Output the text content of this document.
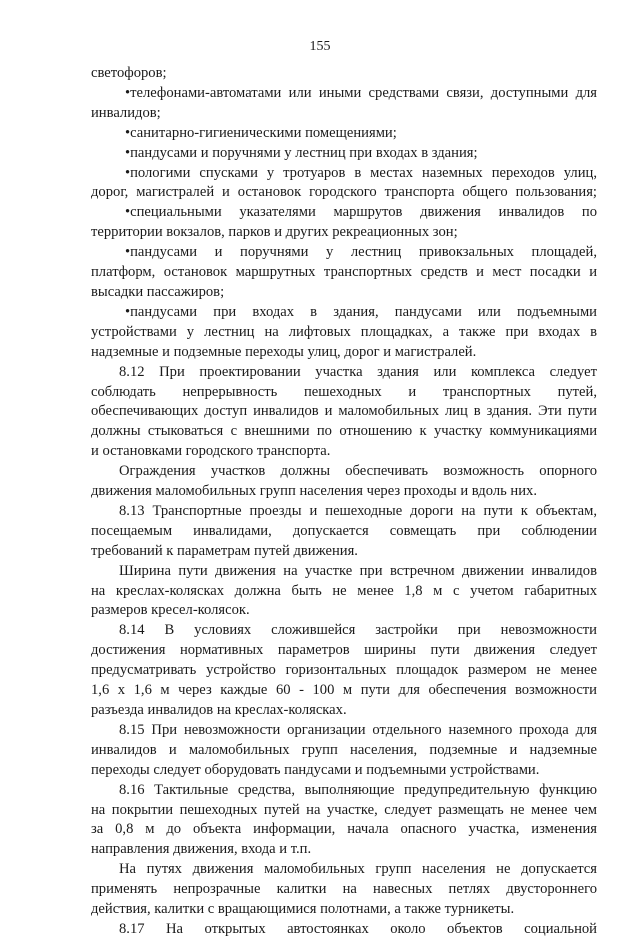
155
светофоров;
•телефонами-автоматами или иными средствами связи, доступными для
инвалидов;
•санитарно-гигиеническими помещениями;
•пандусами и поручнями у лестниц при входах в здания;
•пологими спусками у тротуаров в местах наземных переходов улиц,
дорог, магистралей и остановок городского транспорта общего пользования;
•специальными указателями маршрутов движения инвалидов по
территории вокзалов, парков и других рекреационных зон;
•пандусами и поручнями у лестниц привокзальных площадей,
платформ, остановок маршрутных транспортных средств и мест посадки и
высадки пассажиров;
•пандусами при входах в здания, пандусами или подъемными
устройствами у лестниц на лифтовых площадках, а также при входах в
надземные и подземные переходы улиц, дорог и магистралей.
8.12 При проектировании участка здания или комплекса следует
соблюдать непрерывность пешеходных и транспортных путей,
обеспечивающих доступ инвалидов и маломобильных лиц в здания. Эти пути
должны стыковаться с внешними по отношению к участку коммуникациями
и остановками городского транспорта.
Ограждения участков должны обеспечивать возможность опорного
движения маломобильных групп населения через проходы и вдоль них.
8.13 Транспортные проезды и пешеходные дороги на пути к объектам,
посещаемым инвалидами, допускается совмещать при соблюдении
требований к параметрам путей движения.
Ширина пути движения на участке при встречном движении инвалидов
на креслах-колясках должна быть не менее 1,8 м с учетом габаритных
размеров кресел-колясок.
8.14 В условиях сложившейся застройки при невозможности
достижения нормативных параметров ширины пути движения следует
предусматривать устройство горизонтальных площадок размером не менее
1,6 х 1,6 м через каждые 60 - 100 м пути для обеспечения возможности
разъезда инвалидов на креслах-колясках.
8.15 При невозможности организации отдельного наземного прохода для
инвалидов и маломобильных групп населения, подземные и надземные
переходы следует оборудовать пандусами и подъемными устройствами.
8.16 Тактильные средства, выполняющие предупредительную функцию
на покрытии пешеходных путей на участке, следует размещать не менее чем
за 0,8 м до объекта информации, начала опасного участка, изменения
направления движения, входа и т.п.
На путях движения маломобильных групп населения не допускается
применять непрозрачные калитки на навесных петлях двустороннего
действия, калитки с вращающимися полотнами, а также турникеты.
8.17 На открытых автостоянках около объектов социальной
